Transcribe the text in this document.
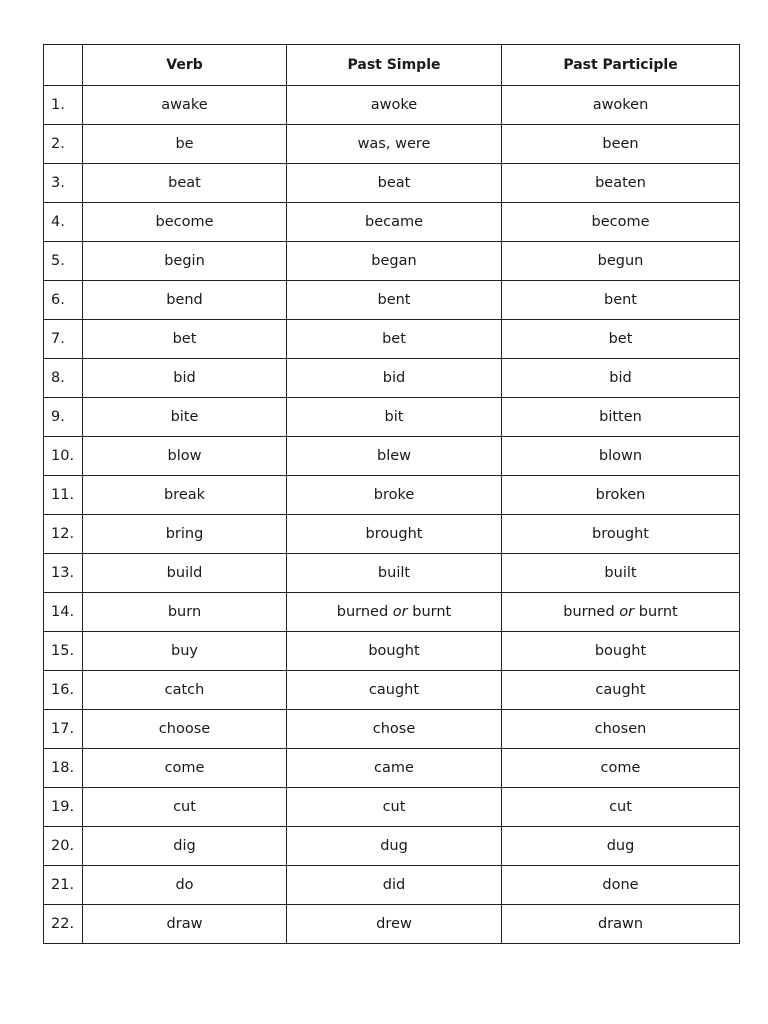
	Verb	Past Simple	Past Participle
1.	awake	awoke	awoken
2.	be	was, were	been
3.	beat	beat	beaten
4.	become	became	become
5.	begin	began	begun
6.	bend	bent	bent
7.	bet	bet	bet
8.	bid	bid	bid
9.	bite	bit	bitten
10.	blow	blew	blown
11.	break	broke	broken
12.	bring	brought	brought
13.	build	built	built
14.	burn	burned or burnt	burned or burnt
15.	buy	bought	bought
16.	catch	caught	caught
17.	choose	chose	chosen
18.	come	came	come
19.	cut	cut	cut
20.	dig	dug	dug
21.	do	did	done
22.	draw	drew	drawn
